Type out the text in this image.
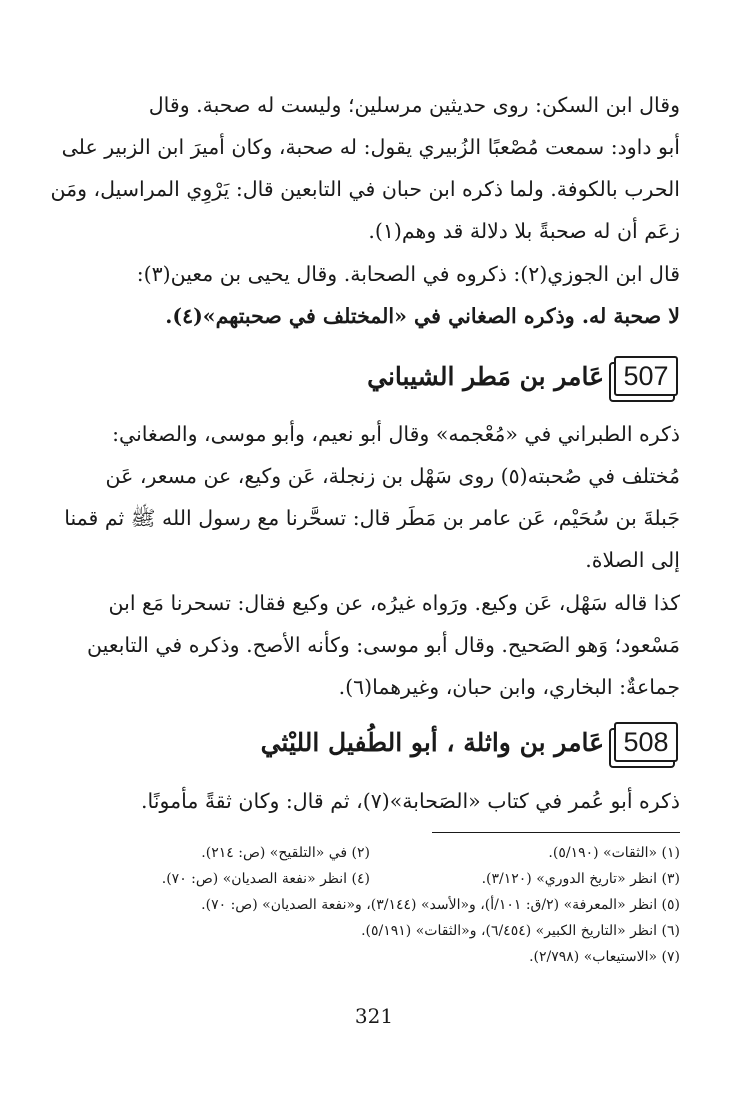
وقال ابن السكن: روى حديثين مرسلين؛ وليست له صحبة. وقال
أبو داود: سمعت مُصْعبًا الزُبيري يقول: له صحبة، وكان أميرَ ابن الزبير على
الحرب بالكوفة. ولما ذكره ابن حبان في التابعين قال: يَرْوِي المراسيل، ومَن
زعَم أن له صحبةً بلا دلالة قد وهم(١).

قال ابن الجوزي(٢): ذكروه في الصحابة. وقال يحيى بن معين(٣):
لا صحبة له. وذكره الصغاني في «المختلف في صحبتهم»(٤).

507
عَامر بن مَطر الشيباني

ذكره الطبراني في «مُعْجمه» وقال أبو نعيم، وأبو موسى، والصغاني:
مُختلف في صُحبته(٥) روى سَهْل بن زنجلة، عَن وكيع، عن مسعر، عَن
جَبلةَ بن سُحَيْم، عَن عامر بن مَطَر قال: تسحَّرنا مع رسول الله ﷺ ثم قمنا
إلى الصلاة.

كذا قاله سَهْل، عَن وكيع. ورَواه غيرُه، عن وكيع فقال: تسحرنا مَع ابن
مَسْعود؛ وَهو الصَحيح. وقال أبو موسى: وكأنه الأصح. وذكره في التابعين
جماعةٌ: البخاري، وابن حبان، وغيرهما(٦).

508
عَامر بن واثلة ، أبو الطُفيل الليْثي

ذكره أبو عُمر في كتاب «الصَحابة»(٧)، ثم قال: وكان ثقةً مأمونًا.

(١) «الثقات» (٥/١٩٠).
(٢) في «التلقيح» (ص: ٢١٤).
(٣) انظر «تاريخ الدوري» (٣/١٢٠).
(٤) انظر «نفعة الصديان» (ص: ٧٠).
(٥) انظر «المعرفة» (٢/ق: ١٠١/أ)، و«الأسد» (٣/١٤٤)، و«نفعة الصديان» (ص: ٧٠).
(٦) انظر «التاريخ الكبير» (٦/٤٥٤)، و«الثقات» (٥/١٩١).
(٧) «الاستيعاب» (٢/٧٩٨).
321
